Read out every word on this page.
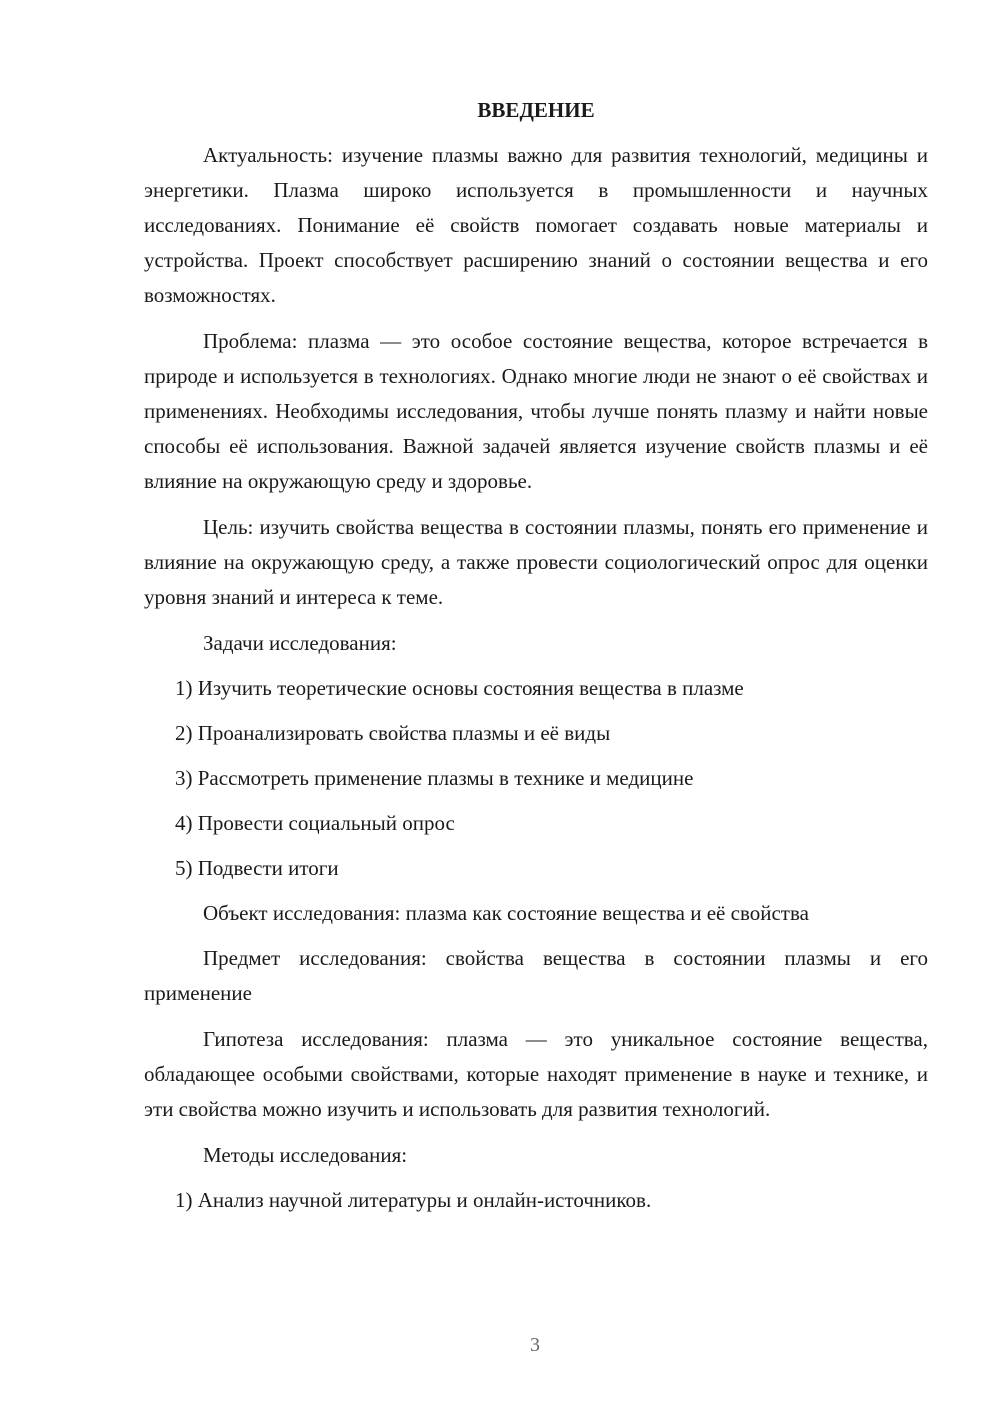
ВВЕДЕНИЕ

Актуальность: изучение плазмы важно для развития технологий, медицины и энергетики. Плазма широко используется в промышленности и научных исследованиях. Понимание её свойств помогает создавать новые материалы и устройства. Проект способствует расширению знаний о состоянии вещества и его возможностях.

Проблема: плазма — это особое состояние вещества, которое встречается в природе и используется в технологиях. Однако многие люди не знают о её свойствах и применениях. Необходимы исследования, чтобы лучше понять плазму и найти новые способы её использования. Важной задачей является изучение свойств плазмы и её влияние на окружающую среду и здоровье.

Цель: изучить свойства вещества в состоянии плазмы, понять его применение и влияние на окружающую среду, а также провести социологический опрос для оценки уровня знаний и интереса к теме.

Задачи исследования:
1) Изучить теоретические основы состояния вещества в плазме
2) Проанализировать свойства плазмы и её виды
3) Рассмотреть применение плазмы в технике и медицине
4) Провести социальный опрос
5) Подвести итоги
Объект исследования: плазма как состояние вещества и её свойства

Предмет исследования: свойства вещества в состоянии плазмы и его применение

Гипотеза исследования: плазма — это уникальное состояние вещества, обладающее особыми свойствами, которые находят применение в науке и технике, и эти свойства можно изучить и использовать для развития технологий.

Методы исследования:
1) Анализ научной литературы и онлайн-источников.
3
